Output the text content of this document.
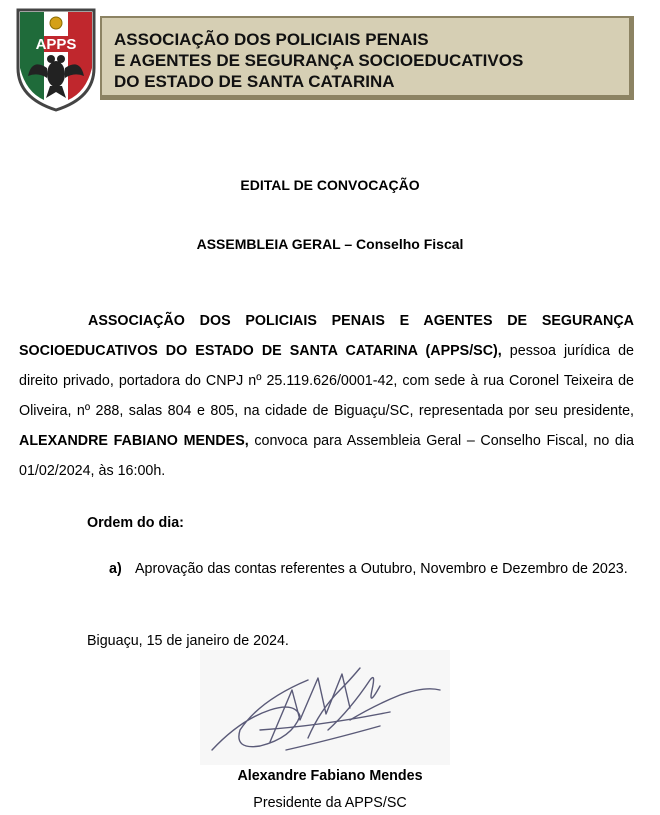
APPS ASSOCIAÇÃO DOS POLICIAIS PENAIS
E AGENTES DE SEGURANÇA SOCIOEDUCATIVOS
DO ESTADO DE SANTA CATARINA
EDITAL DE CONVOCAÇÃO
ASSEMBLEIA GERAL – Conselho Fiscal
ASSOCIAÇÃO DOS POLICIAIS PENAIS E AGENTES DE SEGURANÇA SOCIOEDUCATIVOS DO ESTADO DE SANTA CATARINA (APPS/SC), pessoa jurídica de direito privado, portadora do CNPJ nº 25.119.626/0001-42, com sede à rua Coronel Teixeira de Oliveira, nº 288, salas 804 e 805, na cidade de Biguaçu/SC, representada por seu presidente, ALEXANDRE FABIANO MENDES, convoca para Assembleia Geral – Conselho Fiscal, no dia 01/02/2024, às 16:00h.
Ordem do dia:
a) Aprovação das contas referentes a Outubro, Novembro e Dezembro de 2023.
Biguaçu, 15 de janeiro de 2024.
Alexandre Fabiano Mendes
Presidente da APPS/SC
